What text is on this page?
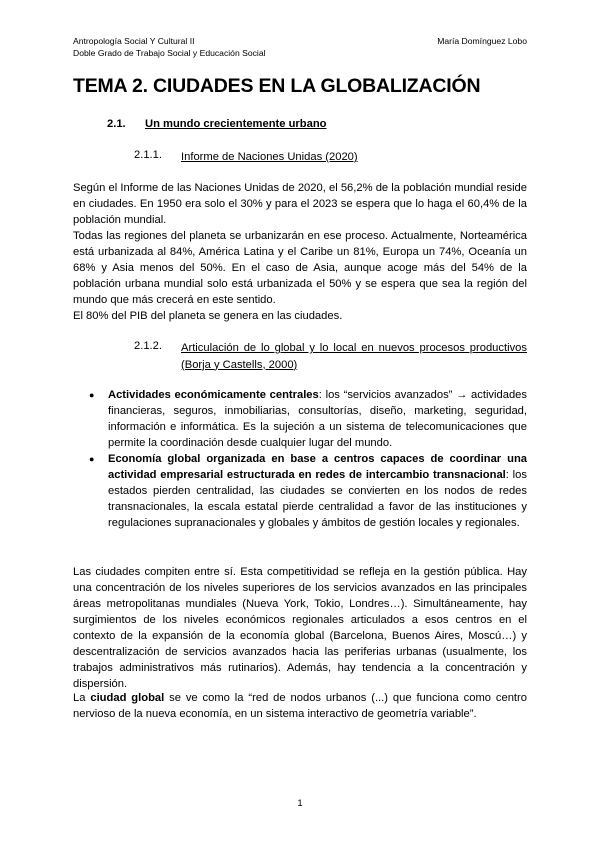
Antropología Social Y Cultural II
Doble Grado de Trabajo Social y Educación Social
María Domínguez Lobo
TEMA 2. CIUDADES EN LA GLOBALIZACIÓN
2.1. Un mundo crecientemente urbano
2.1.1. Informe de Naciones Unidas (2020)
Según el Informe de las Naciones Unidas de 2020, el 56,2% de la población mundial reside en ciudades. En 1950 era solo el 30% y para el 2023 se espera que lo haga el 60,4% de la población mundial.
Todas las regiones del planeta se urbanizarán en ese proceso. Actualmente, Norteamérica está urbanizada al 84%, América Latina y el Caribe un 81%, Europa un 74%, Oceanía un 68% y Asia menos del 50%. En el caso de Asia, aunque acoge más del 54% de la población urbana mundial solo está urbanizada el 50% y se espera que sea la región del mundo que más crecerá en este sentido.
El 80% del PIB del planeta se genera en las ciudades.
2.1.2. Articulación de lo global y lo local en nuevos procesos productivos (Borja y Castells, 2000)
● Actividades económicamente centrales: los “servicios avanzados” → actividades financieras, seguros, inmobiliarias, consultorías, diseño, marketing, seguridad, información e informática. Es la sujeción a un sistema de telecomunicaciones que permite la coordinación desde cualquier lugar del mundo.
● Economía global organizada en base a centros capaces de coordinar una actividad empresarial estructurada en redes de intercambio transnacional: los estados pierden centralidad, las ciudades se convierten en los nodos de redes transnacionales, la escala estatal pierde centralidad a favor de las instituciones y regulaciones supranacionales y globales y ámbitos de gestión locales y regionales.
Las ciudades compiten entre sí. Esta competitividad se refleja en la gestión pública. Hay una concentración de los niveles superiores de los servicios avanzados en las principales áreas metropolitanas mundiales (Nueva York, Tokio, Londres…). Simultáneamente, hay surgimientos de los niveles económicos regionales articulados a esos centros en el contexto de la expansión de la economía global (Barcelona, Buenos Aires, Moscú…) y descentralización de servicios avanzados hacia las periferias urbanas (usualmente, los trabajos administrativos más rutinarios). Además, hay tendencia a la concentración y dispersión.
La ciudad global se ve como la “red de nodos urbanos (...) que funciona como centro nervioso de la nueva economía, en un sistema interactivo de geometría variable”.
1
